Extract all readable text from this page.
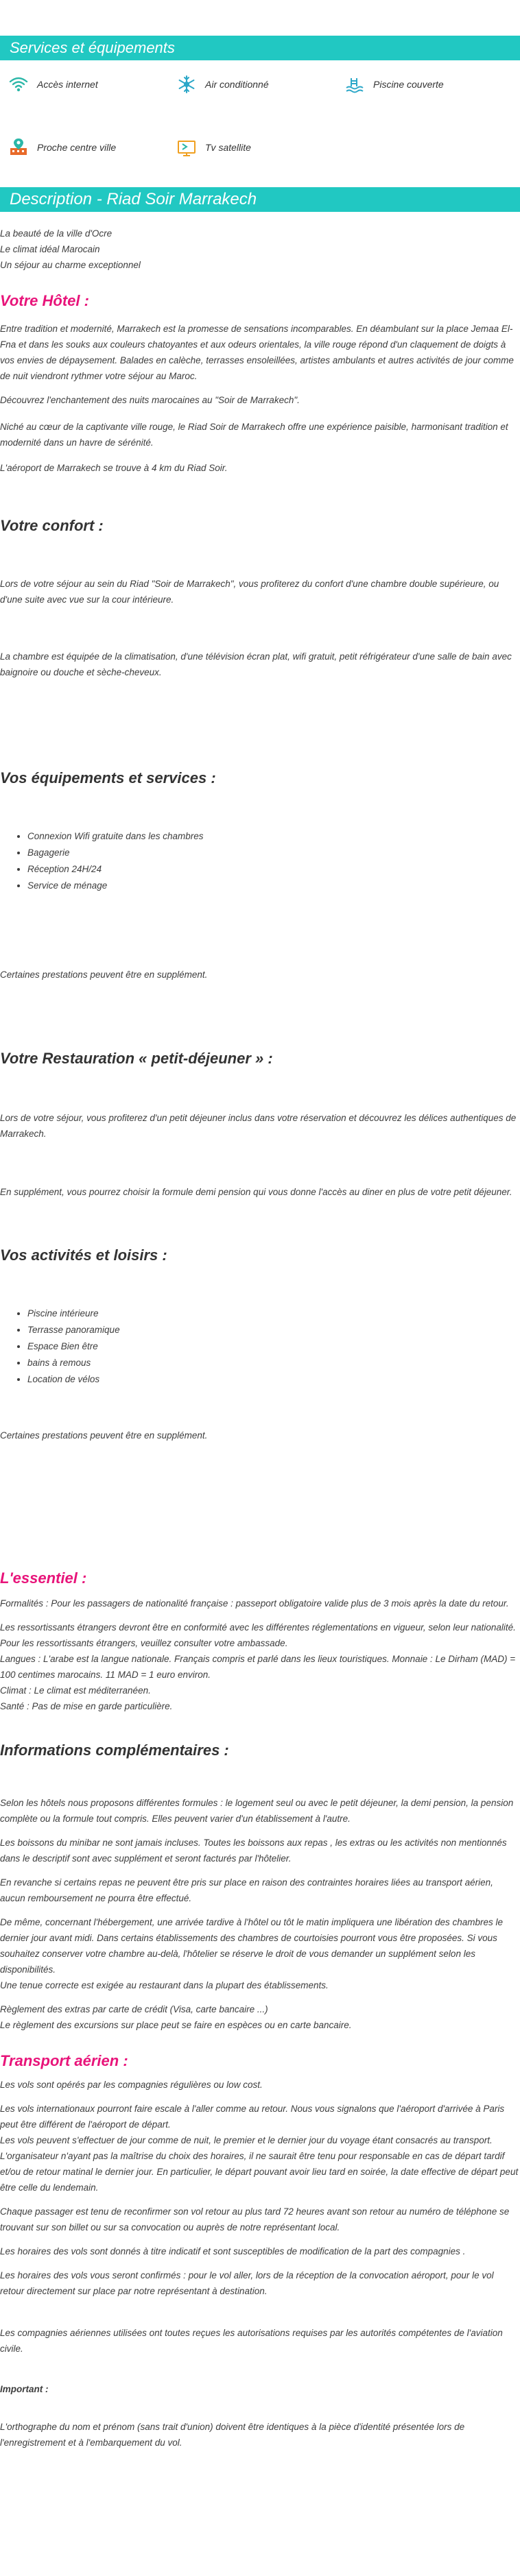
Services et équipements
Accès internet	Air conditionné	Piscine couverte
Proche centre ville	Tv satellite
Description - Riad Soir Marrakech

La beauté de la ville d'Ocre

Le climat idéal Marocain

Un séjour au charme exceptionnel

Votre Hôtel :

Entre tradition et modernité, Marrakech est la promesse de sensations incomparables. En déambulant sur la place Jemaa El-Fna et dans les souks aux couleurs chatoyantes et aux odeurs orientales, la ville rouge répond d'un claquement de doigts à vos envies de dépaysement. Balades en calèche, terrasses ensoleillées, artistes ambulants et autres activités de jour comme de nuit viendront rythmer votre séjour au Maroc.

Découvrez l'enchantement des nuits marocaines au "Soir de Marrakech".

Niché au cœur de la captivante ville rouge, le Riad Soir de Marrakech offre une expérience paisible, harmonisant tradition et modernité dans un havre de sérénité.

L'aéroport de Marrakech se trouve à 4 km du Riad Soir.

Votre confort :

Lors de votre séjour au sein du Riad "Soir de Marrakech", vous profiterez du confort d'une chambre double supérieure, ou d'une suite avec vue sur la cour intérieure.

La chambre est équipée de la climatisation, d'une télévision écran plat, wifi gratuit, petit réfrigérateur d'une salle de bain avec baignoire ou douche et sèche-cheveux.

Vos équipements et services :
• Connexion Wifi gratuite dans les chambres
• Bagagerie
• Réception 24H/24
• Service de ménage

Certaines prestations peuvent être en supplément.

Votre Restauration « petit-déjeuner » :

Lors de votre séjour, vous profiterez d'un petit déjeuner inclus dans votre réservation et découvrez les délices authentiques de Marrakech.

En supplément, vous pourrez choisir la formule demi pension qui vous donne l'accès au diner en plus de votre petit déjeuner.

Vos activités et loisirs :
• Piscine intérieure
• Terrasse panoramique
• Espace Bien être
• bains à remous
• Location de vélos

Certaines prestations peuvent être en supplément.

L'essentiel :

Formalités : Pour les passagers de nationalité française : passeport obligatoire valide plus de 3 mois après la date du retour.

Les ressortissants étrangers devront être en conformité avec les différentes réglementations en vigueur, selon leur nationalité.

Pour les ressortissants étrangers, veuillez consulter votre ambassade.

Langues : L'arabe est la langue nationale. Français compris et parlé dans les lieux touristiques. Monnaie : Le Dirham (MAD) = 100 centimes marocains. 11 MAD = 1 euro environ.

Climat : Le climat est méditerranéen.

Santé : Pas de mise en garde particulière.

Informations complémentaires :

Selon les hôtels nous proposons différentes formules : le logement seul ou avec le petit déjeuner, la demi pension, la pension complète ou la formule tout compris. Elles peuvent varier d'un établissement à l'autre.

Les boissons du minibar ne sont jamais incluses. Toutes les boissons aux repas , les extras ou les activités non mentionnés dans le descriptif sont avec supplément et seront facturés par l'hôtelier.

En revanche si certains repas ne peuvent être pris sur place en raison des contraintes horaires liées au transport aérien, aucun remboursement ne pourra être effectué.

De même, concernant l'hébergement, une arrivée tardive à l'hôtel ou tôt le matin impliquera une libération des chambres le dernier jour avant midi. Dans certains établissements des chambres de courtoisies pourront vous être proposées. Si vous souhaitez conserver votre chambre au-delà, l'hôtelier se réserve le droit de vous demander un supplément selon les disponibilités.

Une tenue correcte est exigée au restaurant dans la plupart des établissements.

Règlement des extras par carte de crédit (Visa, carte bancaire ...)

Le règlement des excursions sur place peut se faire en espèces ou en carte bancaire.

Transport aérien :

Les vols sont opérés par les compagnies régulières ou low cost.

Les vols internationaux pourront faire escale à l'aller comme au retour. Nous vous signalons que l'aéroport d'arrivée à Paris peut être différent de l'aéroport de départ.

Les vols peuvent s'effectuer de jour comme de nuit, le premier et le dernier jour du voyage étant consacrés au transport. L'organisateur n'ayant pas la maîtrise du choix des horaires, il ne saurait être tenu pour responsable en cas de départ tardif et/ou de retour matinal le dernier jour. En particulier, le départ pouvant avoir lieu tard en soirée, la date effective de départ peut être celle du lendemain.

Chaque passager est tenu de reconfirmer son vol retour au plus tard 72 heures avant son retour au numéro de téléphone se trouvant sur son billet ou sur sa convocation ou auprès de notre représentant local.

Les horaires des vols sont donnés à titre indicatif et sont susceptibles de modification de la part des compagnies .

Les horaires des vols vous seront confirmés : pour le vol aller, lors de la réception de la convocation aéroport, pour le vol retour directement sur place par notre représentant à destination.

Les compagnies aériennes utilisées ont toutes reçues les autorisations requises par les autorités compétentes de l'aviation civile.

Important :

L'orthographe du nom et prénom (sans trait d'union) doivent être identiques à la pièce d'identité présentée lors de l'enregistrement et à l'embarquement du vol.
